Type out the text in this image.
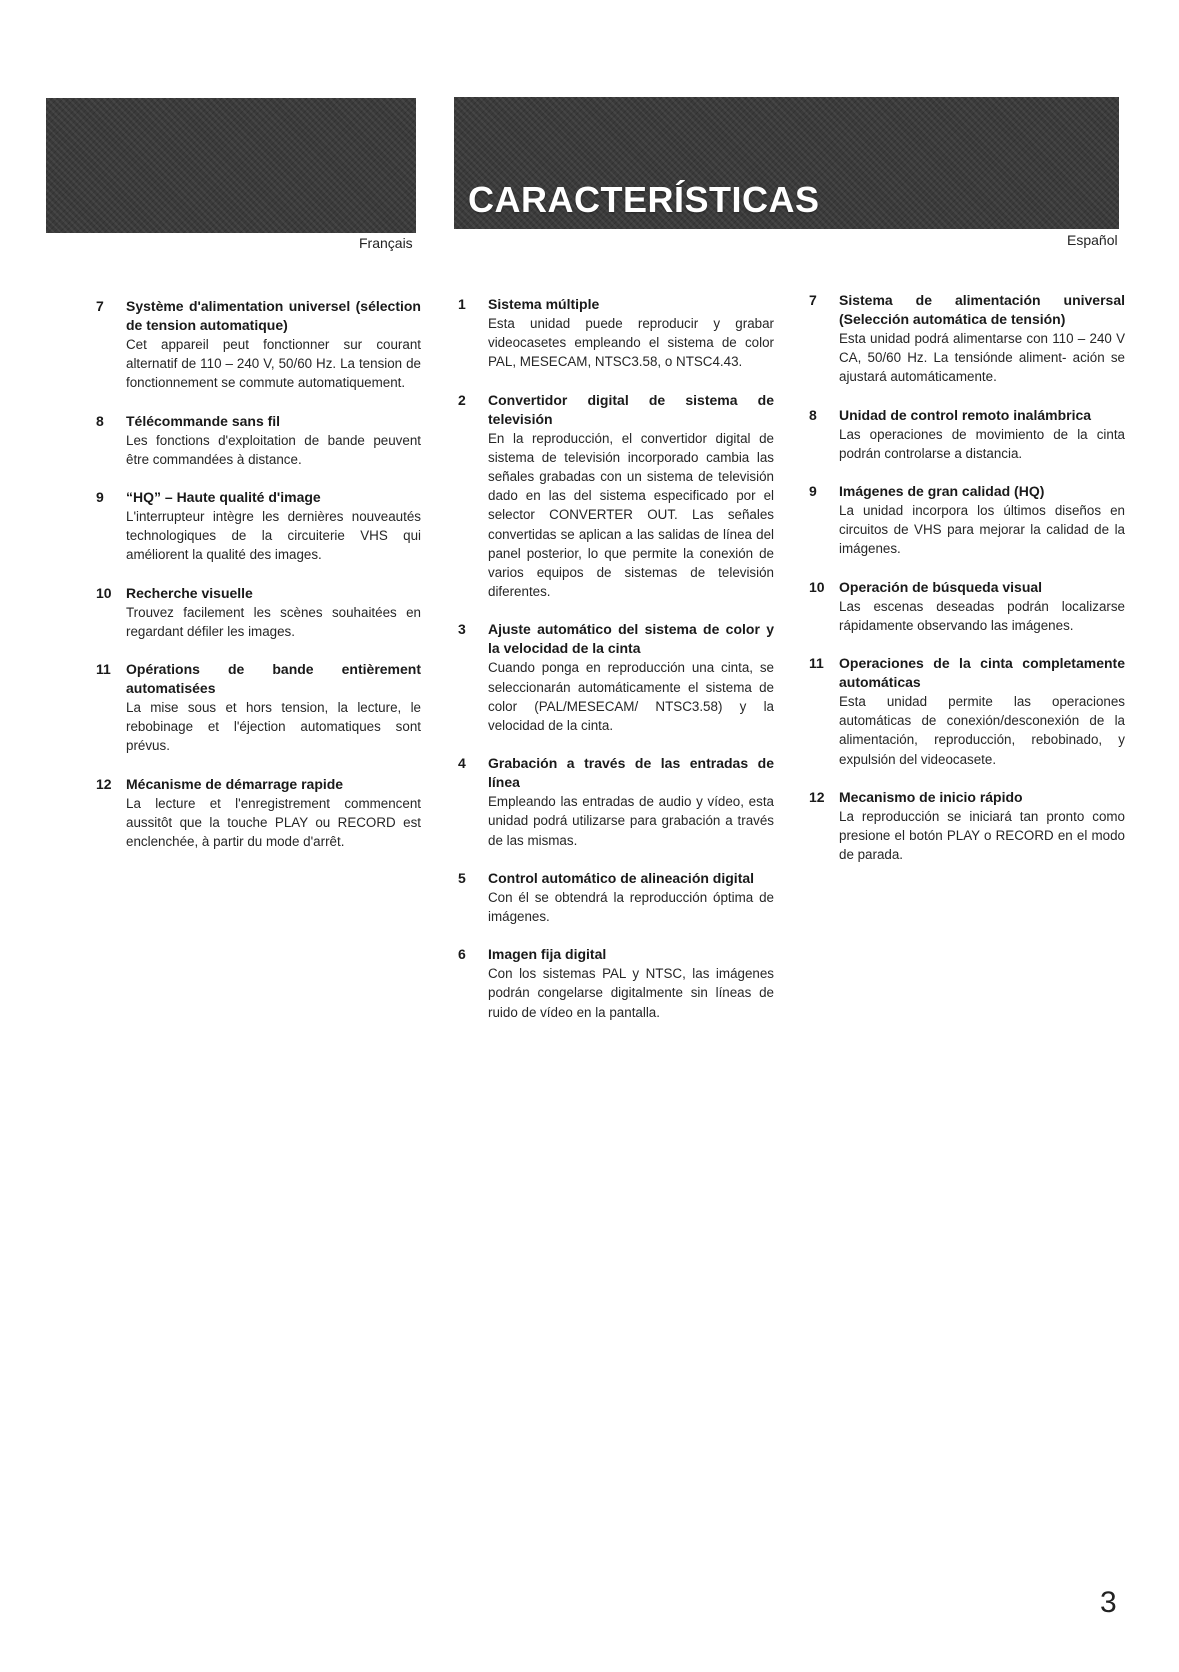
CARACTERÍSTICAS
Français	Español
7	Système d'alimentation universel (sélection de tension automatique)
Cet appareil peut fonctionner sur courant alternatif de 110 – 240 V, 50/60 Hz. La tension de fonctionnement se commute automatiquement.
8	Télécommande sans fil
Les fonctions d'exploitation de bande peuvent être commandées à distance.
9	“HQ” – Haute qualité d'image
L'interrupteur intègre les dernières nouveautés technologiques de la circuiterie VHS qui améliorent la qualité des images.
10	Recherche visuelle
Trouvez facilement les scènes souhaitées en regardant défiler les images.
11	Opérations de bande entièrement automatisées
La mise sous et hors tension, la lecture, le rebobinage et l'éjection automatiques sont prévus.
12	Mécanisme de démarrage rapide
La lecture et l'enregistrement commencent aussitôt que la touche PLAY ou RECORD est enclenchée, à partir du mode d'arrêt.
1	Sistema múltiple
Esta unidad puede reproducir y grabar videocasetes empleando el sistema de color PAL, MESECAM, NTSC3.58, o NTSC4.43.
2	Convertidor digital de sistema de televisión
En la reproducción, el convertidor digital de sistema de televisión incorporado cambia las señales grabadas con un sistema de televisión dado en las del sistema especificado por el selector CONVERTER OUT. Las señales convertidas se aplican a las salidas de línea del panel posterior, lo que permite la conexión de varios equipos de sistemas de televisión diferentes.
3	Ajuste automático del sistema de color y la velocidad de la cinta
Cuando ponga en reproducción una cinta, se seleccionarán automáticamente el sistema de color (PAL/MESECAM/ NTSC3.58) y la velocidad de la cinta.
4	Grabación a través de las entradas de línea
Empleando las entradas de audio y vídeo, esta unidad podrá utilizarse para grabación a través de las mismas.
5	Control automático de alineación digital
Con él se obtendrá la reproducción óptima de imágenes.
6	Imagen fija digital
Con los sistemas PAL y NTSC, las imágenes podrán congelarse digitalmente sin líneas de ruido de vídeo en la pantalla.
7	Sistema de alimentación universal (Selección automática de tensión)
Esta unidad podrá alimentarse con 110 – 240 V CA, 50/60 Hz. La tensiónde aliment- ación se ajustará automáticamente.
8	Unidad de control remoto inalámbrica
Las operaciones de movimiento de la cinta podrán controlarse a distancia.
9	Imágenes de gran calidad (HQ)
La unidad incorpora los últimos diseños en circuitos de VHS para mejorar la calidad de la imágenes.
10	Operación de búsqueda visual
Las escenas deseadas podrán localizarse rápidamente observando las imágenes.
11	Operaciones de la cinta completamente automáticas
Esta unidad permite las operaciones automáticas de conexión/desconexión de la alimentación, reproducción, rebobinado, y expulsión del videocasete.
12	Mecanismo de inicio rápido
La reproducción se iniciará tan pronto como presione el botón PLAY o RECORD en el modo de parada.
3
